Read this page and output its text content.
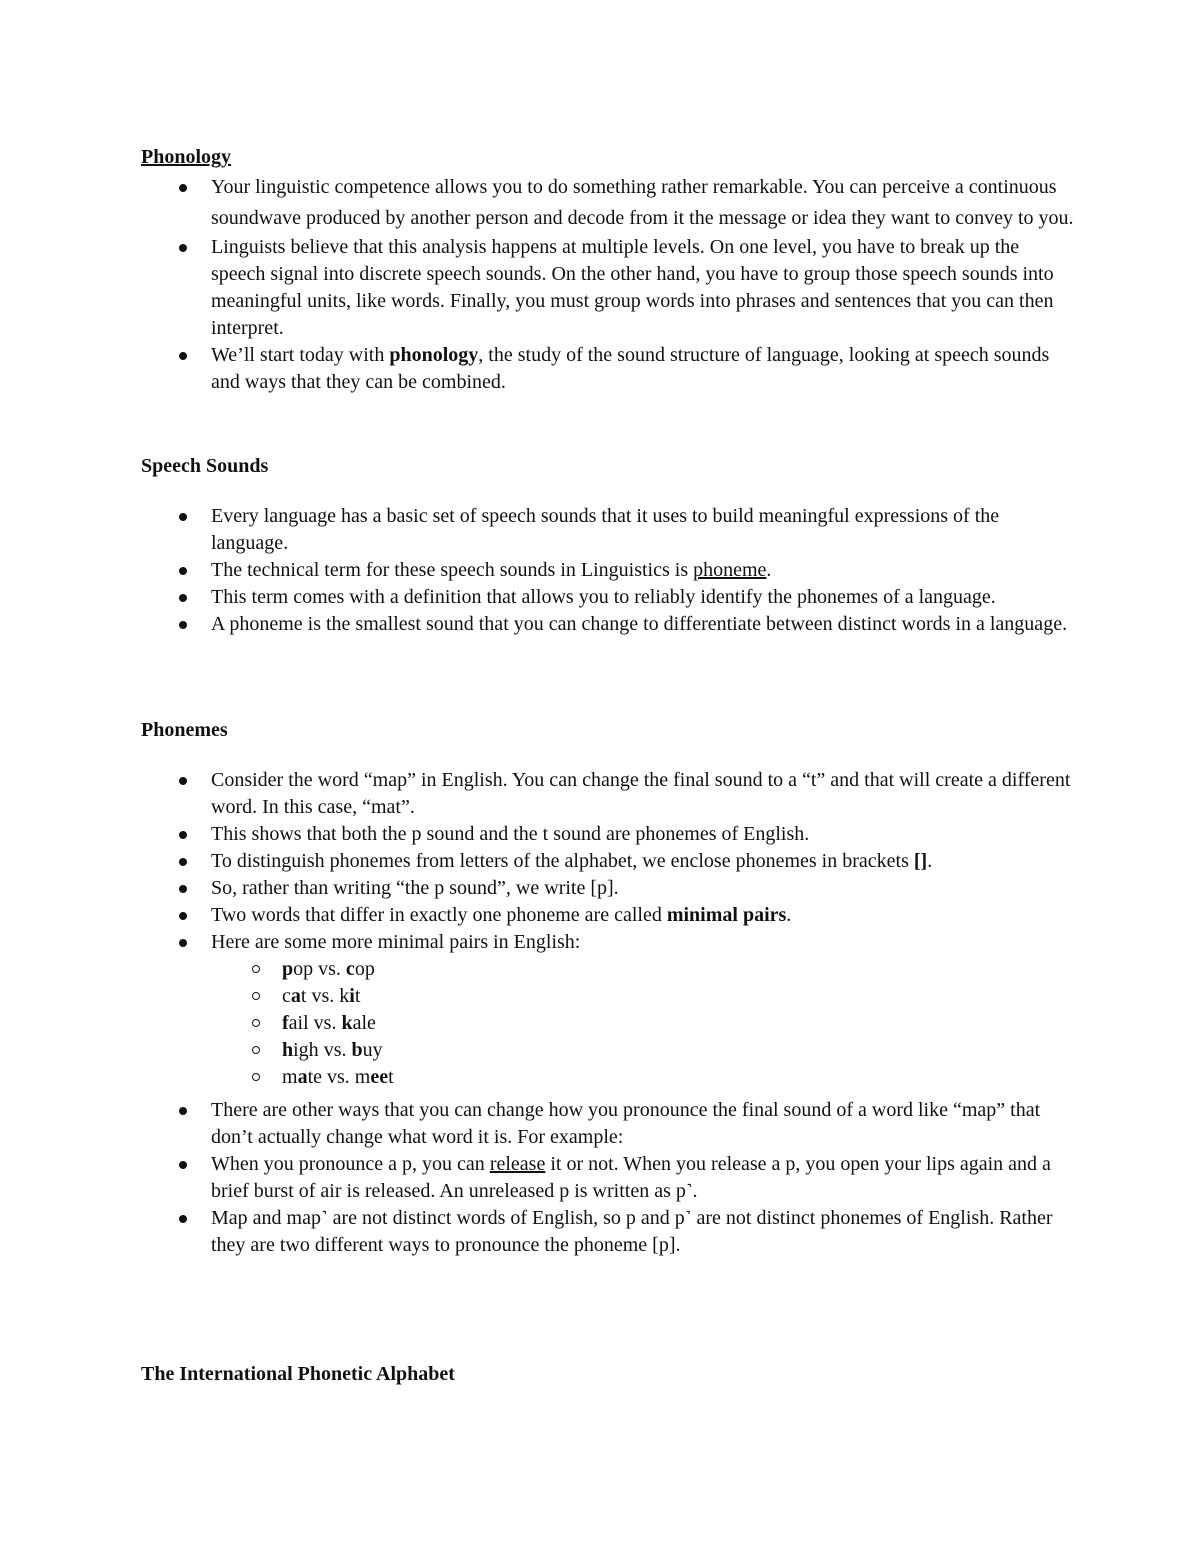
Phonology
Your linguistic competence allows you to do something rather remarkable. You can perceive a continuous soundwave produced by another person and decode from it the message or idea they want to convey to you.
Linguists believe that this analysis happens at multiple levels. On one level, you have to break up the speech signal into discrete speech sounds. On the other hand, you have to group those speech sounds into meaningful units, like words. Finally, you must group words into phrases and sentences that you can then interpret.
We’ll start today with phonology, the study of the sound structure of language, looking at speech sounds and ways that they can be combined.
Speech Sounds
Every language has a basic set of speech sounds that it uses to build meaningful expressions of the language.
The technical term for these speech sounds in Linguistics is phoneme.
This term comes with a definition that allows you to reliably identify the phonemes of a language.
A phoneme is the smallest sound that you can change to differentiate between distinct words in a language.
Phonemes
Consider the word “map” in English. You can change the final sound to a “t” and that will create a different word. In this case, “mat”.
This shows that both the p sound and the t sound are phonemes of English.
To distinguish phonemes from letters of the alphabet, we enclose phonemes in brackets [].
So, rather than writing “the p sound”, we write [p].
Two words that differ in exactly one phoneme are called minimal pairs.
Here are some more minimal pairs in English:
pop vs. cop
cat vs. kit
fail vs. kale
high vs. buy
mate vs. meet
There are other ways that you can change how you pronounce the final sound of a word like “map” that don’t actually change what word it is. For example:
When you pronounce a p, you can release it or not. When you release a p, you open your lips again and a brief burst of air is released. An unreleased p is written as p˺.
Map and map˺ are not distinct words of English, so p and p˺ are not distinct phonemes of English. Rather they are two different ways to pronounce the phoneme [p].
The International Phonetic Alphabet
